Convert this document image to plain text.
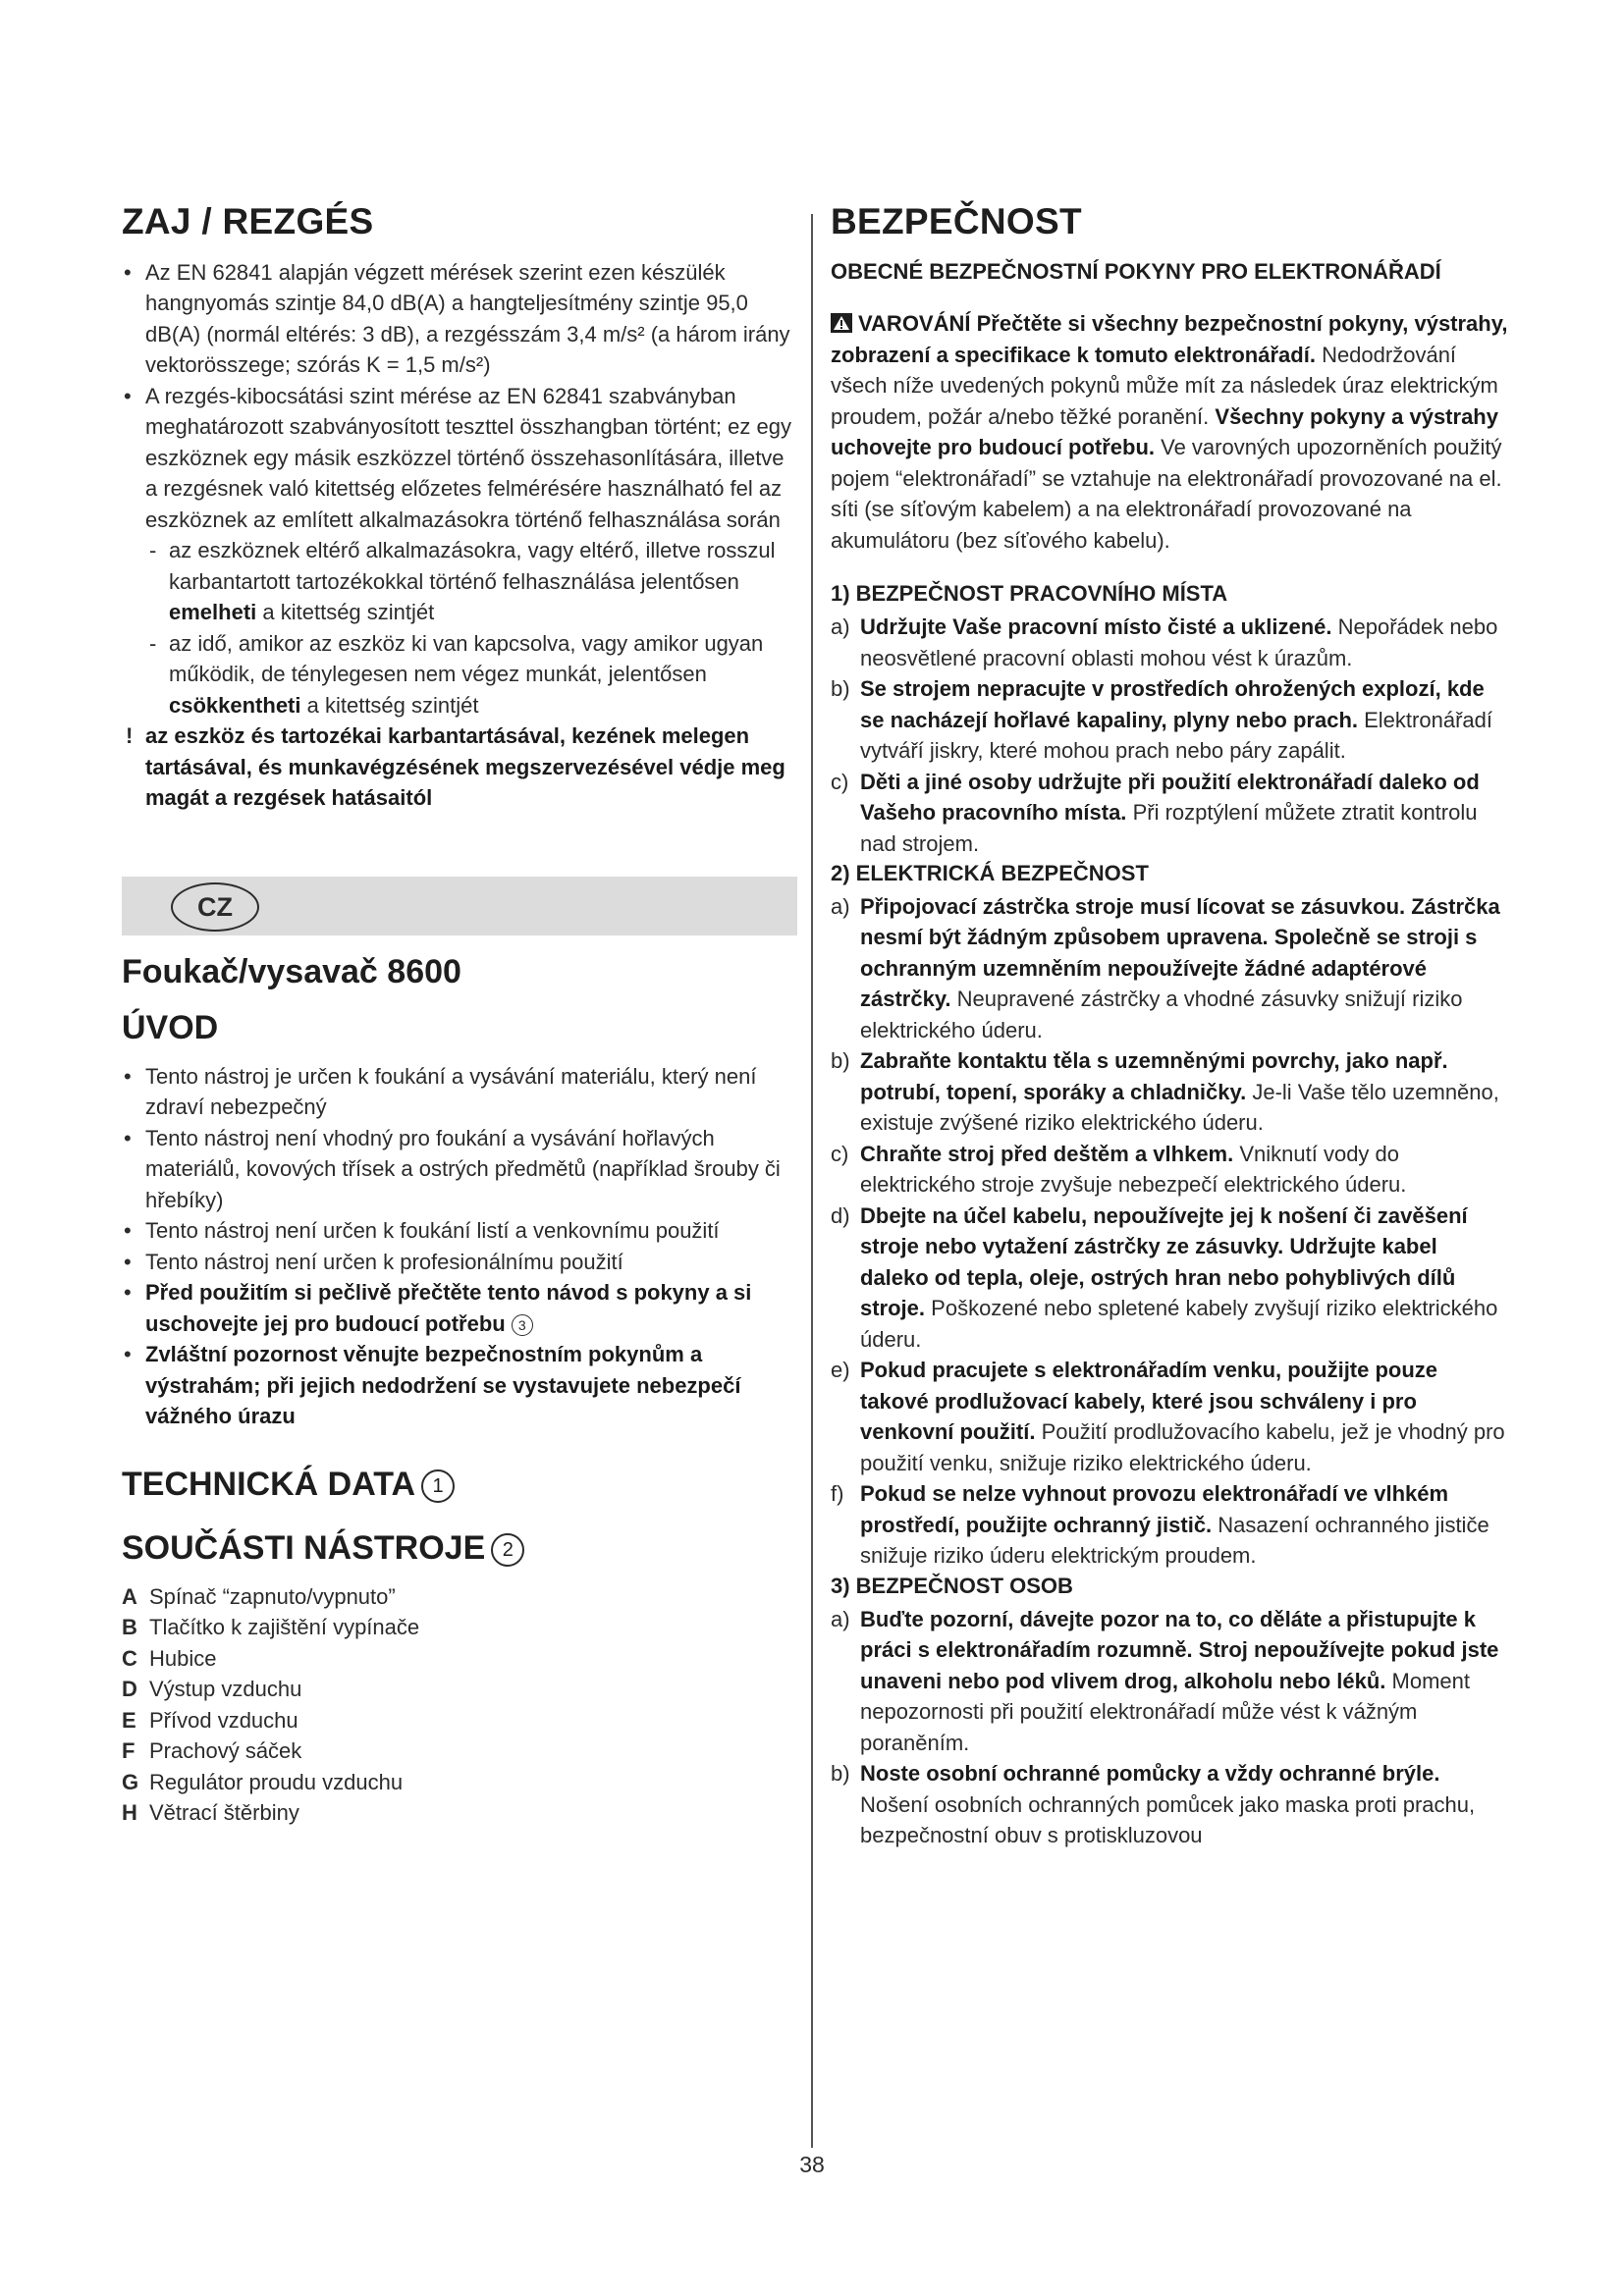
ZAJ / REZGÉS
• Az EN 62841 alapján végzett mérések szerint ezen készülék hangnyomás szintje 84,0 dB(A) a hangteljesítmény szintje 95,0 dB(A) (normál eltérés: 3 dB), a rezgésszám 3,4 m/s² (a három irány vektorösszege; szórás K = 1,5 m/s²)
• A rezgés-kibocsátási szint mérése az EN 62841 szabványban meghatározott szabványosított teszttel összhangban történt; ez egy eszköznek egy másik eszközzel történő összehasonlítására, illetve a rezgésnek való kitettség előzetes felmérésére használható fel az eszköznek az említett alkalmazásokra történő felhasználása során
- az eszköznek eltérő alkalmazásokra, vagy eltérő, illetve rosszul karbantartott tartozékokkal történő felhasználása jelentősen emelheti a kitettség szintjét
- az idő, amikor az eszköz ki van kapcsolva, vagy amikor ugyan működik, de ténylegesen nem végez munkát, jelentősen csökkentheti a kitettség szintjét
! az eszköz és tartozékai karbantartásával, kezének melegen tartásával, és munkavégzésének megszervezésével védje meg magát a rezgések hatásaitól
CZ
Foukač/vysavač 8600
ÚVOD
• Tento nástroj je určen k foukání a vysávání materiálu, který není zdraví nebezpečný
• Tento nástroj není vhodný pro foukání a vysávání hořlavých materiálů, kovových třísek a ostrých předmětů (například šrouby či hřebíky)
• Tento nástroj není určen k foukání listí a venkovnímu použití
• Tento nástroj není určen k profesionálnímu použití
• Před použitím si pečlivě přečtěte tento návod s pokyny a si uschovejte jej pro budoucí potřebu 3
• Zvláštní pozornost věnujte bezpečnostním pokynům a výstrahám; při jejich nedodržení se vystavujete nebezpečí vážného úrazu
TECHNICKÁ DATA 1
SOUČÁSTI NÁSTROJE 2
A Spínač “zapnuto/vypnuto”
B Tlačítko k zajištění vypínače
C Hubice
D Výstup vzduchu
E Přívod vzduchu
F Prachový sáček
G Regulátor proudu vzduchu
H Větrací štěrbiny
BEZPEČNOST
OBECNÉ BEZPEČNOSTNÍ POKYNY PRO ELEKTRONÁŘADÍ

VAROVÁNÍ Přečtěte si všechny bezpečnostní pokyny, výstrahy, zobrazení a specifikace k tomuto elektronářadí. Nedodržování všech níže uvedených pokynů může mít za následek úraz elektrickým proudem, požár a/nebo těžké poranění. Všechny pokyny a výstrahy uchovejte pro budoucí potřebu. Ve varovných upozorněních použitý pojem “elektronářadí” se vztahuje na elektronářadí provozované na el. síti (se síťovým kabelem) a na elektronářadí provozované na akumulátoru (bez síťového kabelu).

1) BEZPEČNOST PRACOVNÍHO MÍSTA
a) Udržujte Vaše pracovní místo čisté a uklizené. Nepořádek nebo neosvětlené pracovní oblasti mohou vést k úrazům.
b) Se strojem nepracujte v prostředích ohrožených explozí, kde se nacházejí hořlavé kapaliny, plyny nebo prach. Elektronářadí vytváří jiskry, které mohou prach nebo páry zapálit.
c) Děti a jiné osoby udržujte při použití elektronářadí daleko od Vašeho pracovního místa. Při rozptýlení můžete ztratit kontrolu nad strojem.
2) ELEKTRICKÁ BEZPEČNOST
a) Připojovací zástrčka stroje musí lícovat se zásuvkou. Zástrčka nesmí být žádným způsobem upravena. Společně se stroji s ochranným uzemněním nepoužívejte žádné adaptérové zástrčky. Neupravené zástrčky a vhodné zásuvky snižují riziko elektrického úderu.
b) Zabraňte kontaktu těla s uzemněnými povrchy, jako např. potrubí, topení, sporáky a chladničky. Je-li Vaše tělo uzemněno, existuje zvýšené riziko elektrického úderu.
c) Chraňte stroj před deštěm a vlhkem. Vniknutí vody do elektrického stroje zvyšuje nebezpečí elektrického úderu.
d) Dbejte na účel kabelu, nepoužívejte jej k nošení či zavěšení stroje nebo vytažení zástrčky ze zásuvky. Udržujte kabel daleko od tepla, oleje, ostrých hran nebo pohyblivých dílů stroje. Poškozené nebo spletené kabely zvyšují riziko elektrického úderu.
e) Pokud pracujete s elektronářadím venku, použijte pouze takové prodlužovací kabely, které jsou schváleny i pro venkovní použití. Použití prodlužovacího kabelu, jež je vhodný pro použití venku, snižuje riziko elektrického úderu.
f) Pokud se nelze vyhnout provozu elektronářadí ve vlhkém prostředí, použijte ochranný jistič. Nasazení ochranného jističe snižuje riziko úderu elektrickým proudem.
3) BEZPEČNOST OSOB
a) Buďte pozorní, dávejte pozor na to, co děláte a přistupujte k práci s elektronářadím rozumně. Stroj nepoužívejte pokud jste unaveni nebo pod vlivem drog, alkoholu nebo léků. Moment nepozornosti při použití elektronářadí může vést k vážným poraněním.
b) Noste osobní ochranné pomůcky a vždy ochranné brýle. Nošení osobních ochranných pomůcek jako maska proti prachu, bezpečnostní obuv s protiskluzovou
38
